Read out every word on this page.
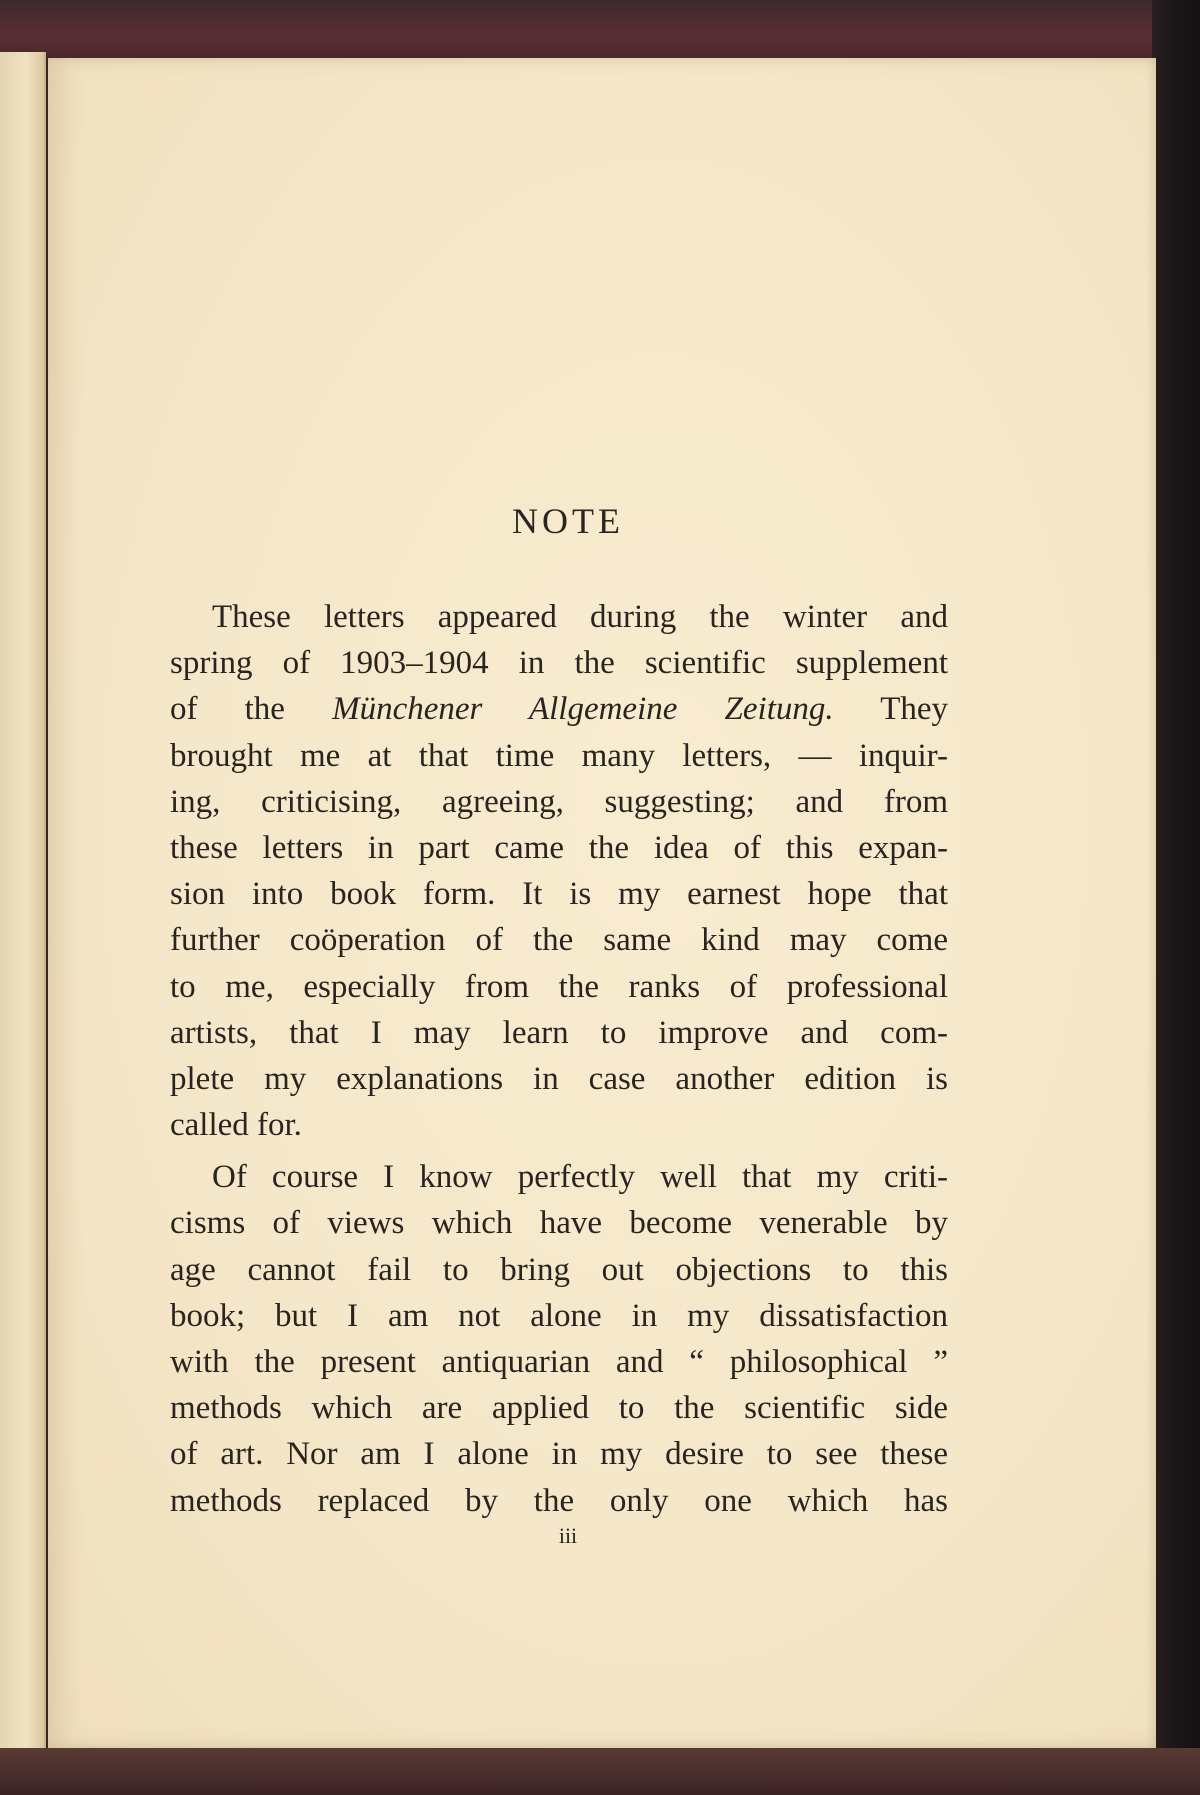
NOTE
These letters appeared during the winter and
spring of 1903–1904 in the scientific supplement
of the Münchener Allgemeine Zeitung. They
brought me at that time many letters, — inquir-
ing, criticising, agreeing, suggesting; and from
these letters in part came the idea of this expan-
sion into book form. It is my earnest hope that
further coöperation of the same kind may come
to me, especially from the ranks of professional
artists, that I may learn to improve and com-
plete my explanations in case another edition is
called for.
Of course I know perfectly well that my criti-
cisms of views which have become venerable by
age cannot fail to bring out objections to this
book; but I am not alone in my dissatisfaction
with the present antiquarian and “ philosophical ”
methods which are applied to the scientific side
of art. Nor am I alone in my desire to see these
methods replaced by the only one which has
iii
